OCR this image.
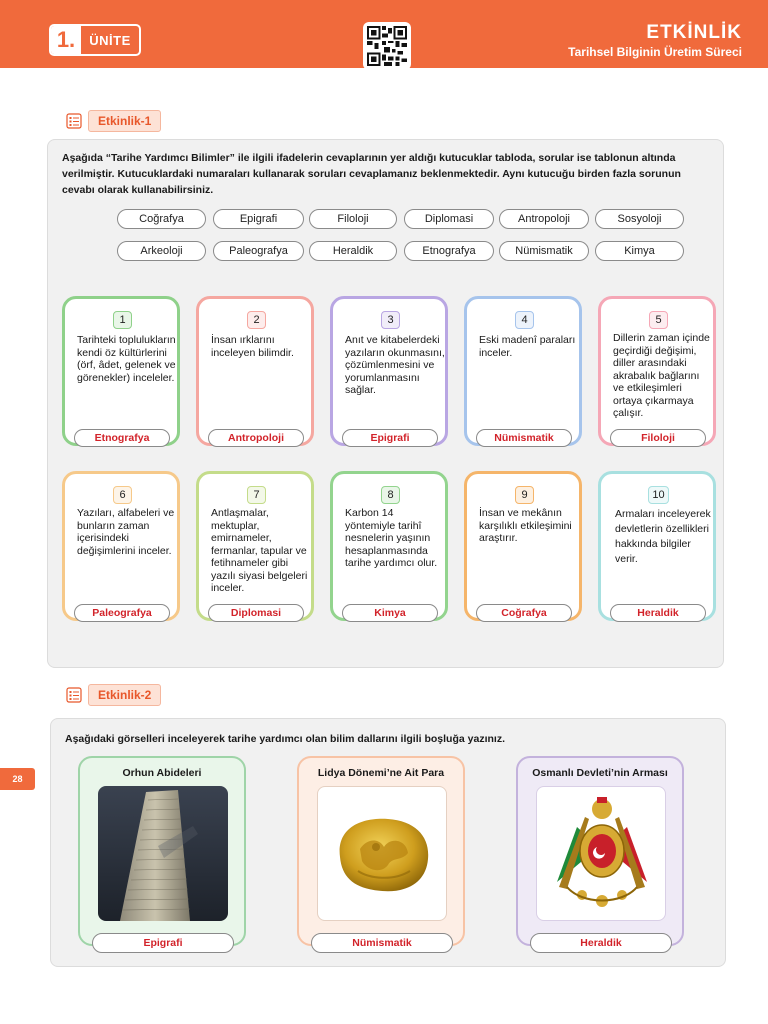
1.	ÜNİTE	ETKİNLİK
Tarihsel Bilginin Üretim Süreci
Etkinlik-1
Aşağıda “Tarihe Yardımcı Bilimler” ile ilgili ifadelerin cevaplarının yer aldığı kutucuklar tabloda, sorular ise tablonun altında verilmiştir. Kutucuklardaki numaraları kullanarak soruları cevaplamanız beklenmektedir. Aynı kutucuğu birden fazla sorunun cevabı olarak kullanabilirsiniz.
Coğrafya	Epigrafi	Filoloji	Diplomasi	Antropoloji	Sosyoloji
Arkeoloji	Paleografya	Heraldik	Etnografya	Nümismatik	Kimya
1
Tarihteki toplulukların kendi öz kültürlerini (örf, âdet, gelenek ve görenekler) inceleler.
Etnografya
2
İnsan ırklarını inceleyen bilimdir.
Antropoloji
3
Anıt ve kitabelerdeki yazıların okunmasını, çözümlenmesini ve yorumlanmasını sağlar.
Epigrafi
4
Eski madenî paraları inceler.
Nümismatik
5
Dillerin zaman içinde geçirdiği değişimi, diller arasındaki akrabalık bağlarını ve etkileşimleri ortaya çıkarmaya çalışır.
Filoloji
6
Yazıları, alfabeleri ve bunların zaman içerisindeki değişimlerini inceler.
Paleografya
7
Antlaşmalar, mektuplar, emirnameler, fermanlar, tapular ve fetihnameler gibi yazılı siyasi belgeleri inceler.
Diplomasi
8
Karbon 14 yöntemiyle tarihî nesnelerin yaşının hesaplanmasında tarihe yardımcı olur.
Kimya
9
İnsan ve mekânın karşılıklı etkileşimini araştırır.
Coğrafya
10
Armaları inceleyerek devletlerin özellikleri hakkında bilgiler verir.
Heraldik
Etkinlik-2
Aşağıdaki görselleri inceleyerek tarihe yardımcı olan bilim dallarını ilgili boşluğa yazınız.
Orhun Abideleri
Epigrafi
Lidya Dönemi’ne Ait Para
Nümismatik
Osmanlı Devleti’nin Arması
Heraldik
28
